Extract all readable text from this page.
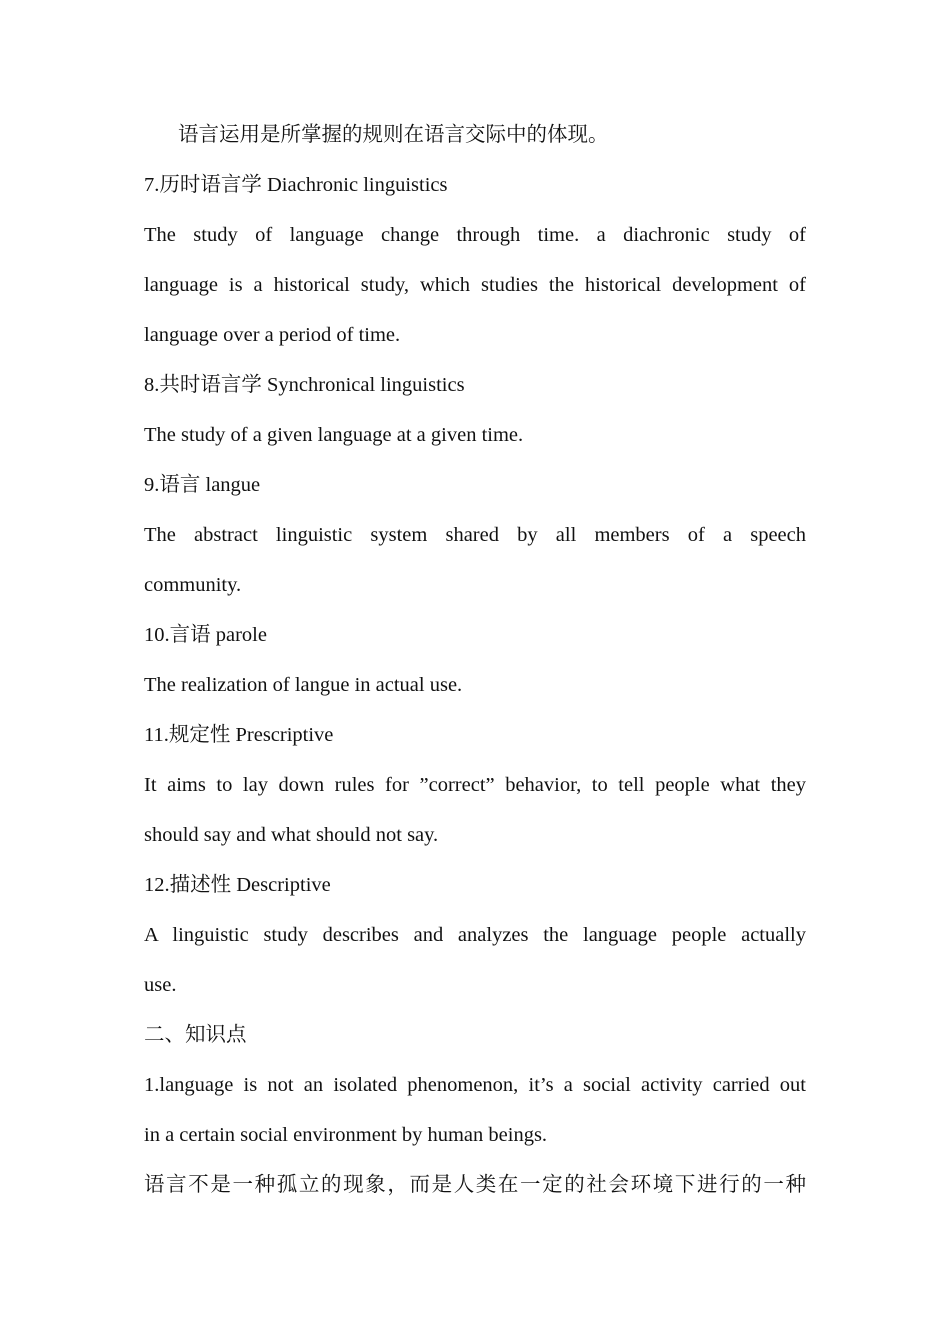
语言运用是所掌握的规则在语言交际中的体现。
7.历时语言学 Diachronic linguistics
The study of language change through time. a diachronic study of
language is a historical study, which studies the historical development of
language over a period of time.
8.共时语言学 Synchronical linguistics
The study of a given language at a given time.
9.语言 langue
The abstract linguistic system shared by all members of a speech
community.
10.言语 parole
The realization of langue in actual use.
11.规定性 Prescriptive
It aims to lay down rules for ”correct” behavior, to tell people what they
should say and what should not say.
12.描述性 Descriptive
A linguistic study describes and analyzes the language people actually
use.
二、知识点
1.language is not an isolated phenomenon, it’s a social activity carried out
in a certain social environment by human beings.
语言不是一种孤立的现象，而是人类在一定的社会环境下进行的一种
